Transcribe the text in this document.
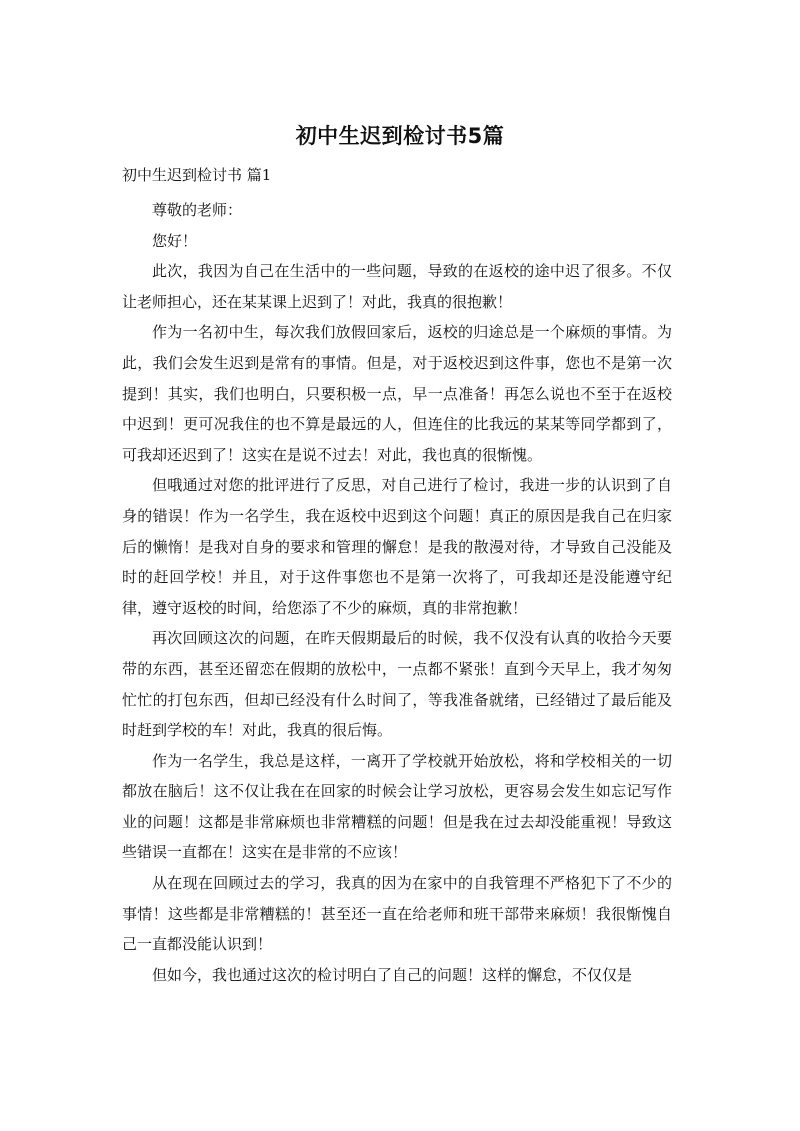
初中生迟到检讨书5篇
初中生迟到检讨书 篇1

尊敬的老师：

您好！

此次，我因为自己在生活中的一些问题，导致的在返校的途中迟了很多。不仅让老师担心，还在某某课上迟到了！对此，我真的很抱歉！

作为一名初中生，每次我们放假回家后，返校的归途总是一个麻烦的事情。为此，我们会发生迟到是常有的事情。但是，对于返校迟到这件事，您也不是第一次提到！其实，我们也明白，只要积极一点，早一点准备！再怎么说也不至于在返校中迟到！更可况我住的也不算是最远的人，但连住的比我远的某某等同学都到了，可我却还迟到了！这实在是说不过去！对此，我也真的很惭愧。

但哦通过对您的批评进行了反思，对自己进行了检讨，我进一步的认识到了自身的错误！作为一名学生，我在返校中迟到这个问题！真正的原因是我自己在归家后的懒惰！是我对自身的要求和管理的懈怠！是我的散漫对待，才导致自己没能及时的赶回学校！并且，对于这件事您也不是第一次将了，可我却还是没能遵守纪律，遵守返校的时间，给您添了不少的麻烦，真的非常抱歉！

再次回顾这次的问题，在昨天假期最后的时候，我不仅没有认真的收拾今天要带的东西，甚至还留恋在假期的放松中，一点都不紧张！直到今天早上，我才匆匆忙忙的打包东西，但却已经没有什么时间了，等我准备就绪，已经错过了最后能及时赶到学校的车！对此，我真的很后悔。

作为一名学生，我总是这样，一离开了学校就开始放松，将和学校相关的一切都放在脑后！这不仅让我在在回家的时候会让学习放松，更容易会发生如忘记写作业的问题！这都是非常麻烦也非常糟糕的问题！但是我在过去却没能重视！导致这些错误一直都在！这实在是非常的不应该！

从在现在回顾过去的学习，我真的因为在家中的自我管理不严格犯下了不少的事情！这些都是非常糟糕的！甚至还一直在给老师和班干部带来麻烦！我很惭愧自己一直都没能认识到！

但如今，我也通过这次的检讨明白了自己的问题！这样的懈怠，不仅仅是
